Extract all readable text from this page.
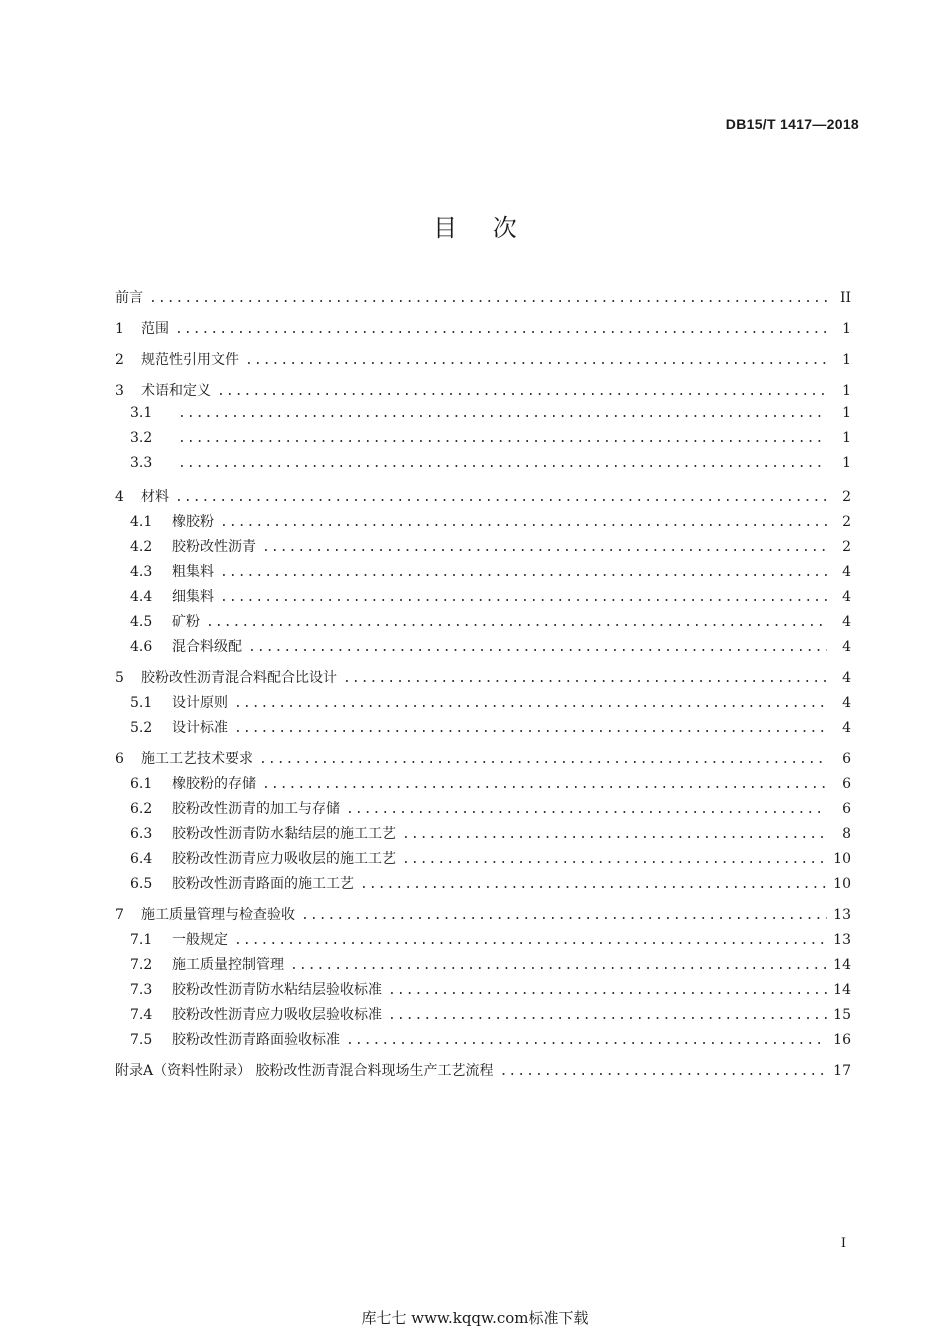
DB15/T 1417—2018
目 次
前言 . . .	II
1	范围 . . .	1
2	规范性引用文件 . . .	1
3	术语和定义 . . .	1
3.1 . . .	1
3.2 . . .	1
3.3 . . .	1
4	材料 . . .	2
4.1	橡胶粉 . . .	2
4.2	胶粉改性沥青 . . .	2
4.3	粗集料 . . .	4
4.4	细集料 . . .	4
4.5	矿粉 . . .	4
4.6	混合料级配 . . .	4
5	胶粉改性沥青混合料配合比设计 . . .	4
5.1	设计原则 . . .	4
5.2	设计标准 . . .	4
6	施工工艺技术要求 . . .	6
6.1	橡胶粉的存储 . . .	6
6.2	胶粉改性沥青的加工与存储 . . .	6
6.3	胶粉改性沥青防水黏结层的施工工艺 . . .	8
6.4	胶粉改性沥青应力吸收层的施工工艺 . . .	10
6.5	胶粉改性沥青路面的施工工艺 . . .	10
7	施工质量管理与检查验收 . . .	13
7.1	一般规定 . . .	13
7.2	施工质量控制管理 . . .	14
7.3	胶粉改性沥青防水粘结层验收标准 . . .	14
7.4	胶粉改性沥青应力吸收层验收标准 . . .	15
7.5	胶粉改性沥青路面验收标准 . . .	16
附录A（资料性附录） 胶粉改性沥青混合料现场生产工艺流程 . . .	17
I
库七七 www.kqqw.com标准下载
